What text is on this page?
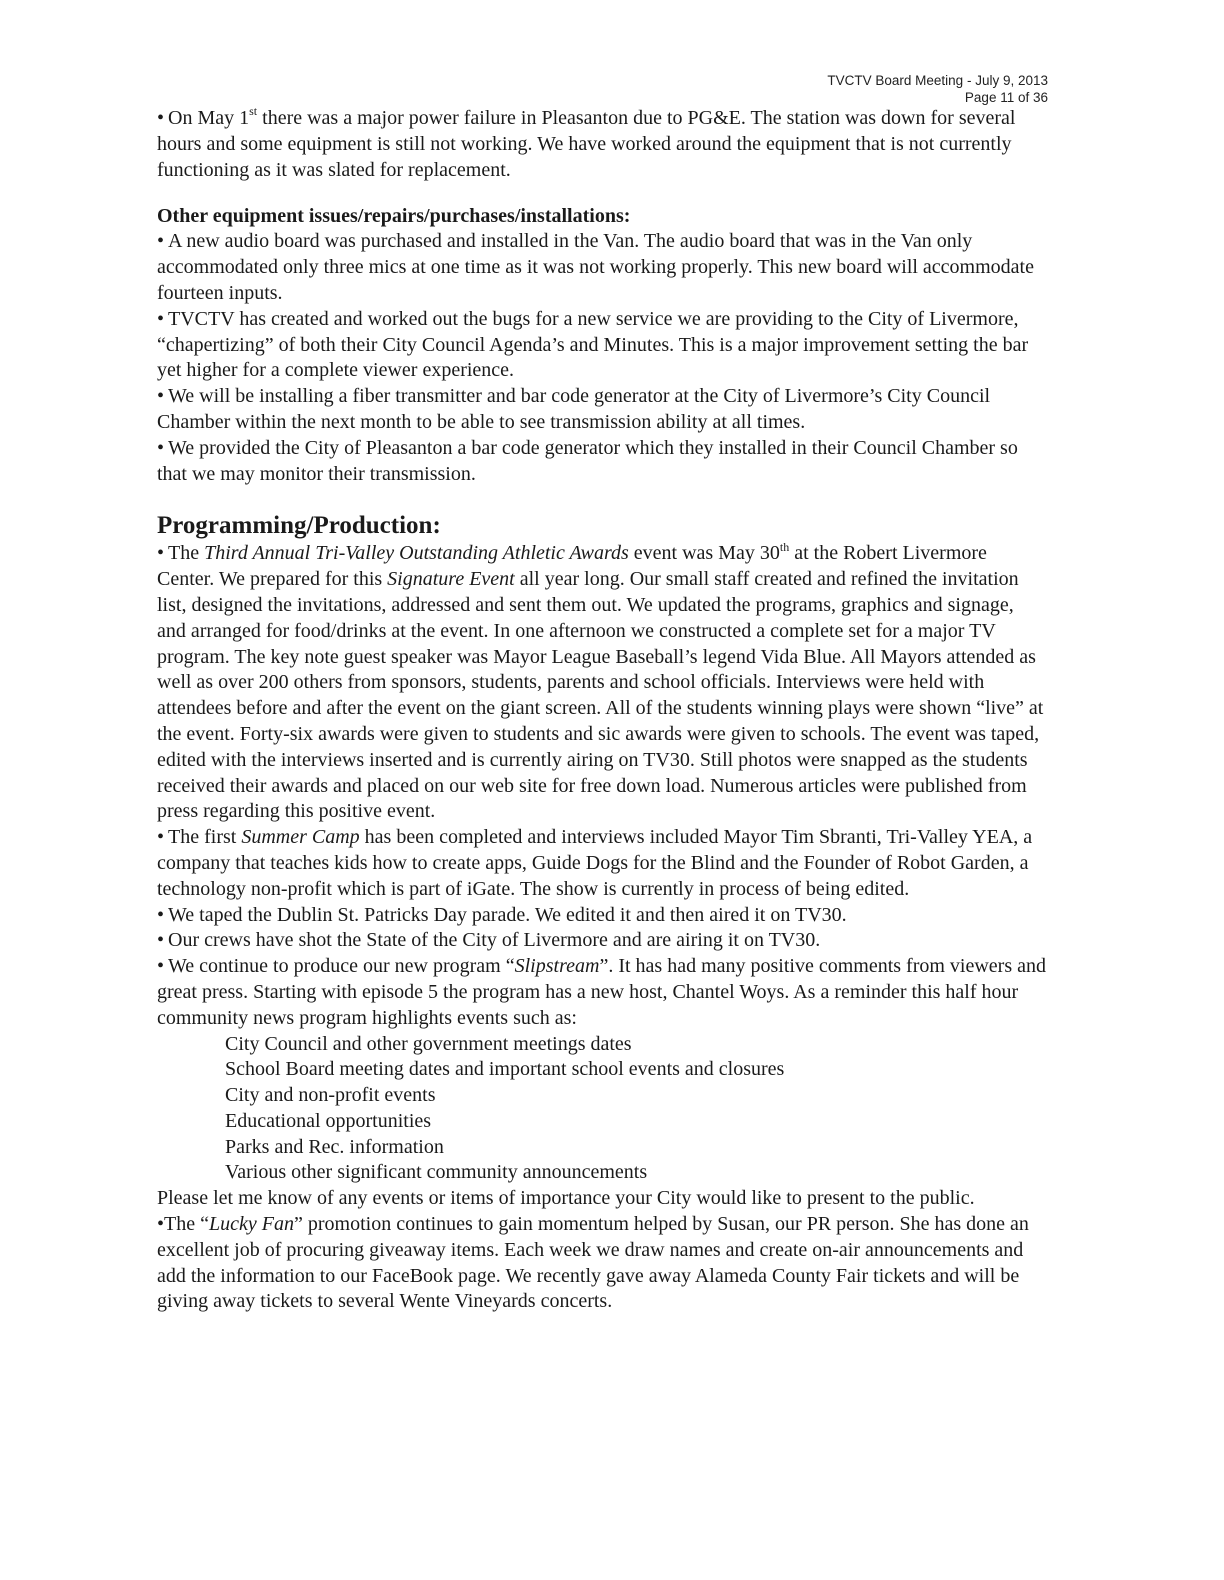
TVCTV Board Meeting - July 9, 2013
Page 11 of 36

• On May 1st there was a major power failure in Pleasanton due to PG&E. The station was down for several hours and some equipment is still not working. We have worked around the equipment that is not currently functioning as it was slated for replacement.

Other equipment issues/repairs/purchases/installations:

• A new audio board was purchased and installed in the Van. The audio board that was in the Van only accommodated only three mics at one time as it was not working properly. This new board will accommodate fourteen inputs.

• TVCTV has created and worked out the bugs for a new service we are providing to the City of Livermore, “chapertizing” of both their City Council Agenda’s and Minutes. This is a major improvement setting the bar yet higher for a complete viewer experience.

• We will be installing a fiber transmitter and bar code generator at the City of Livermore’s City Council Chamber within the next month to be able to see transmission ability at all times.

• We provided the City of Pleasanton a bar code generator which they installed in their Council Chamber so that we may monitor their transmission.

Programming/Production:

• The Third Annual Tri-Valley Outstanding Athletic Awards event was May 30th at the Robert Livermore Center. We prepared for this Signature Event all year long. Our small staff created and refined the invitation list, designed the invitations, addressed and sent them out. We updated the programs, graphics and signage, and arranged for food/drinks at the event. In one afternoon we constructed a complete set for a major TV program. The key note guest speaker was Mayor League Baseball’s legend Vida Blue. All Mayors attended as well as over 200 others from sponsors, students, parents and school officials. Interviews were held with attendees before and after the event on the giant screen. All of the students winning plays were shown “live” at the event. Forty-six awards were given to students and sic awards were given to schools. The event was taped, edited with the interviews inserted and is currently airing on TV30. Still photos were snapped as the students received their awards and placed on our web site for free down load. Numerous articles were published from press regarding this positive event.

• The first Summer Camp has been completed and interviews included Mayor Tim Sbranti, Tri-Valley YEA, a company that teaches kids how to create apps, Guide Dogs for the Blind and the Founder of Robot Garden, a technology non-profit which is part of iGate. The show is currently in process of being edited.

• We taped the Dublin St. Patricks Day parade. We edited it and then aired it on TV30.

• Our crews have shot the State of the City of Livermore and are airing it on TV30.

• We continue to produce our new program “Slipstream”. It has had many positive comments from viewers and great press. Starting with episode 5 the program has a new host, Chantel Woys. As a reminder this half hour community news program highlights events such as:

City Council and other government meetings dates

School Board meeting dates and important school events and closures

City and non-profit events

Educational opportunities

Parks and Rec. information

Various other significant community announcements

Please let me know of any events or items of importance your City would like to present to the public.

•The “Lucky Fan” promotion continues to gain momentum helped by Susan, our PR person. She has done an excellent job of procuring giveaway items. Each week we draw names and create on-air announcements and add the information to our FaceBook page. We recently gave away Alameda County Fair tickets and will be giving away tickets to several Wente Vineyards concerts.
